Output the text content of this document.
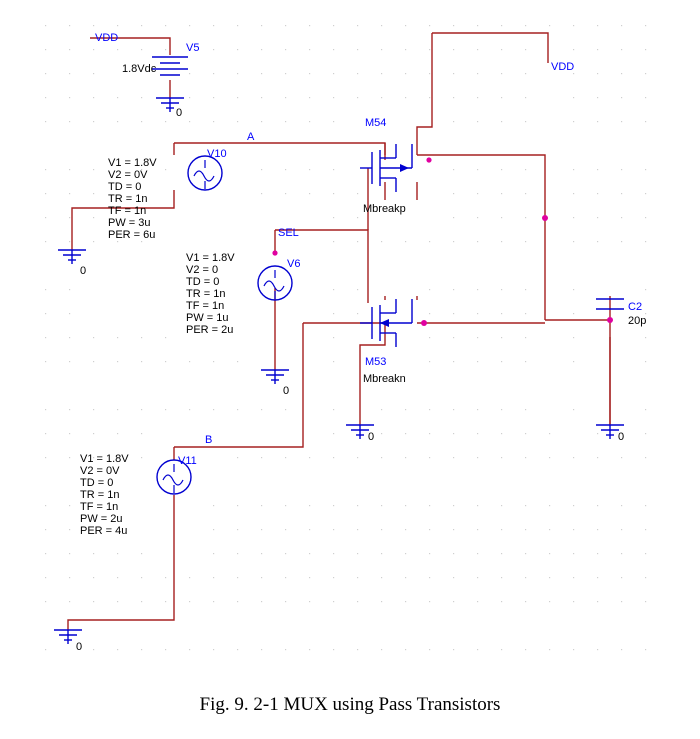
V5
1.8Vdc
0
0
0
0	0
0
V10
V1 = 1.8V
V2 = 0V
TD = 0
TR = 1n
TF = 1n
PW = 3u
PER = 6u
V6
V1 = 1.8V
V2 = 0
TD = 0
TR = 1n
TF = 1n
PW = 1u
PER = 2u
V11
V1 = 1.8V
V2 = 0V
TD = 0
TR = 1n
TF = 1n
PW = 2u
PER = 4u
M54
Mbreakp
M53
Mbreakn
C2
20p
VDD
VDD
A
B
SEL
Fig. 9. 2-1 MUX using Pass Transistors
